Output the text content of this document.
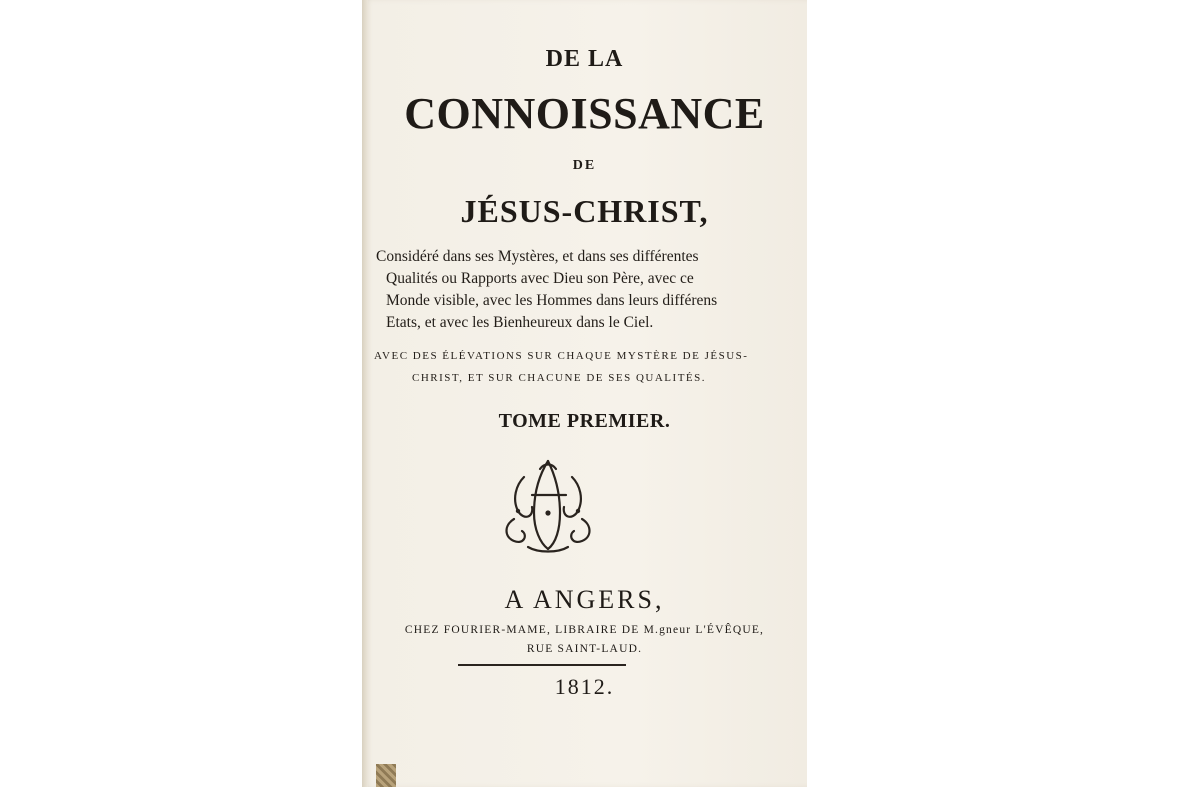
DE LA
CONNOISSANCE
DE
JÉSUS-CHRIST,
Considéré dans ses Mystères, et dans ses différentes
Qualités ou Rapports avec Dieu son Père, avec ce
Monde visible, avec les Hommes dans leurs différens
Etats, et avec les Bienheureux dans le Ciel.
AVEC DES ÉLÉVATIONS SUR CHAQUE MYSTÈRE DE JÉSUS-
CHRIST, ET SUR CHACUNE DE SES QUALITÉS.
TOME PREMIER.
A ANGERS,
CHEZ FOURIER-MAME, LIBRAIRE DE M.gneur L'ÉVÊQUE,
RUE SAINT-LAUD.
1812.
